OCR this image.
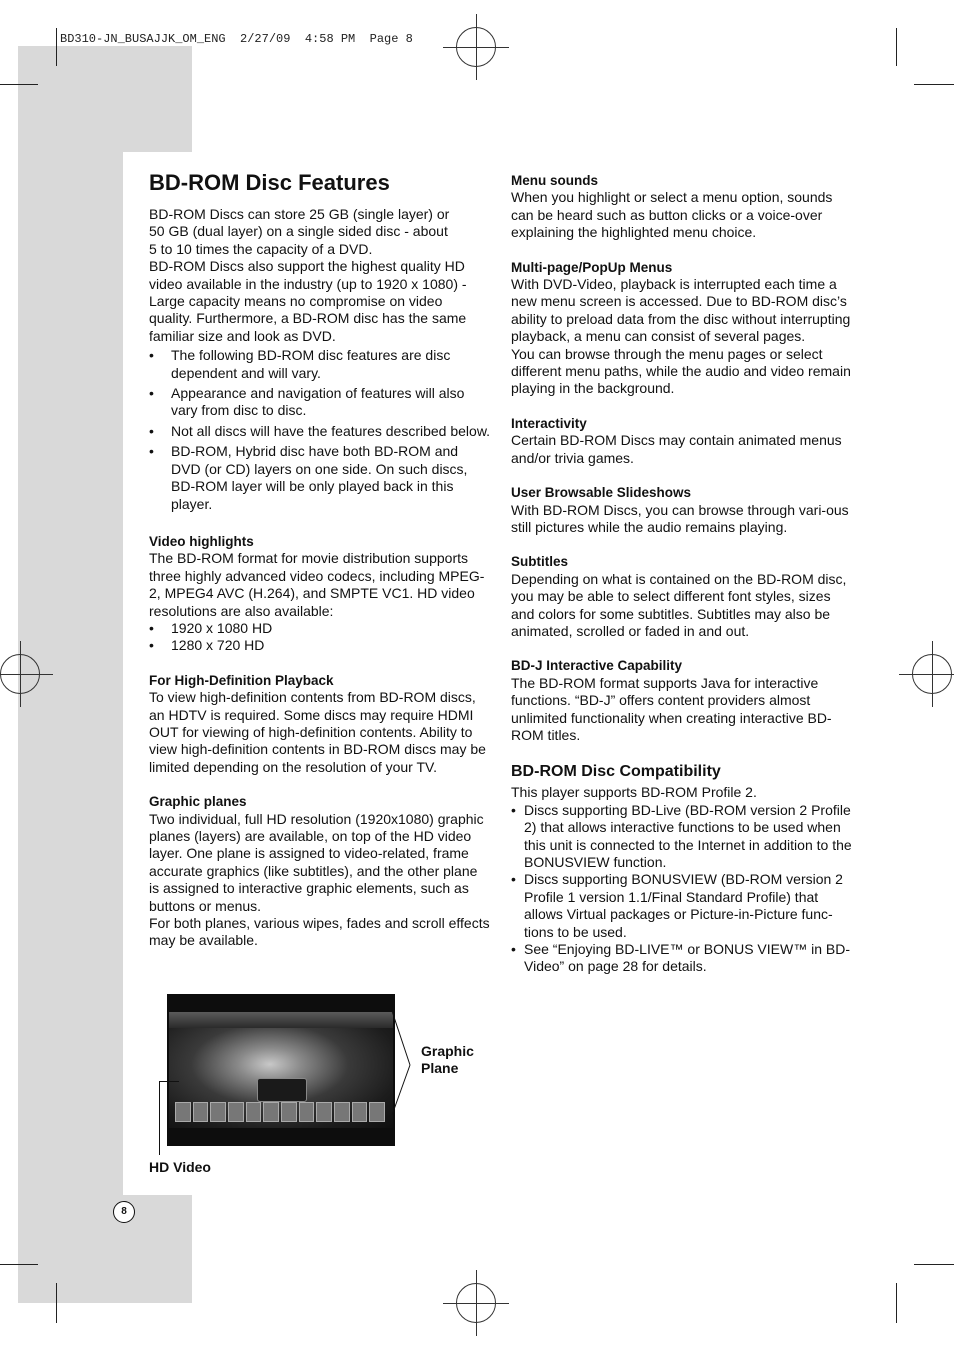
BD310-JN_BUSAJJK_OM_ENG  2/27/09  4:58 PM  Page 8
BD-ROM Disc Features
BD-ROM Discs can store 25 GB (single layer) or
50 GB (dual layer) on a single sided disc - about
5 to 10 times the capacity of a DVD.
BD-ROM Discs also support the highest quality HD
video available in the industry (up to 1920 x 1080) -
Large capacity means no compromise on video
quality. Furthermore, a BD-ROM disc has the same
familiar size and look as DVD.
• The following BD-ROM disc features are disc dependent and will vary.
• Appearance and navigation of features will also vary from disc to disc.
• Not all discs will have the features described below.
• BD-ROM, Hybrid disc have both BD-ROM and DVD (or CD) layers on one side. On such discs, BD-ROM layer will be only played back in this player.
Video highlights
The BD-ROM format for movie distribution supports three highly advanced video codecs, including MPEG-2, MPEG4 AVC (H.264), and SMPTE VC1. HD video resolutions are also available:
• 1920 x 1080 HD
• 1280 x 720 HD
For High-Definition Playback
To view high-definition contents from BD-ROM discs, an HDTV is required. Some discs may require HDMI OUT for viewing of high-definition contents. Ability to view high-definition contents in BD-ROM discs may be limited depending on the resolution of your TV.
Graphic planes
Two individual, full HD resolution (1920x1080) graphic planes (layers) are available, on top of the HD video layer. One plane is assigned to video-related, frame accurate graphics (like subtitles), and the other plane is assigned to interactive graphic elements, such as buttons or menus.
For both planes, various wipes, fades and scroll effects may be available.
Graphic
Plane
HD Video
Menu sounds
When you highlight or select a menu option, sounds can be heard such as button clicks or a voice-over explaining the highlighted menu choice.
Multi-page/PopUp Menus
With DVD-Video, playback is interrupted each time a new menu screen is accessed. Due to BD-ROM disc’s ability to preload data from the disc without interrupting playback, a menu can consist of several pages.
You can browse through the menu pages or select different menu paths, while the audio and video remain playing in the background.
Interactivity
Certain BD-ROM Discs may contain animated menus and/or trivia games.
User Browsable Slideshows
With BD-ROM Discs, you can browse through vari-ous still pictures while the audio remains playing.
Subtitles
Depending on what is contained on the BD-ROM disc, you may be able to select different font styles, sizes and colors for some subtitles. Subtitles may also be animated, scrolled or faded in and out.
BD-J Interactive Capability
The BD-ROM format supports Java for interactive functions. “BD-J” offers content providers almost unlimited functionality when creating interactive BD-ROM titles.
BD-ROM Disc Compatibility
This player supports BD-ROM Profile 2.
• Discs supporting BD-Live (BD-ROM version 2 Profile 2) that allows interactive functions to be used when this unit is connected to the Internet in addition to the BONUSVIEW function.
• Discs supporting BONUSVIEW (BD-ROM version 2 Profile 1 version 1.1/Final Standard Profile) that allows Virtual packages or Picture-in-Picture func-tions to be used.
• See “Enjoying BD-LIVE™ or BONUS VIEW™ in BD-Video” on page 28 for details.
8
